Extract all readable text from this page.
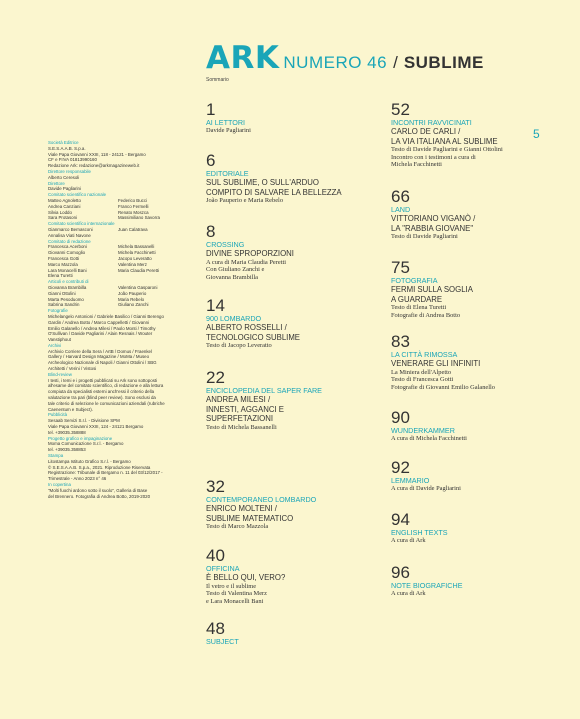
ARK NUMERO 46 / SUBLIME
Sommario
5
Società Editrice
S.E.S.A.A.B. S.p.a.
Viale Papa Giovanni XXIII, 118 - 24121 - Bergamo
CF e P.IVA 01813990160
Redazione Ark: redazione@arkmagazineweb.it
Direttore responsabile
Alberto Ceresoli
Direttore
Davide Pagliarini
Comitato scientifico nazionale
Matteo Agnoletto
Andrea Canziani
Silvia Loddo
Sara Protasoni
Federico Bucci
Franco Fermelli
Renato Moszca
Massimiliano Savorra
Comitato scientifico internazionale
Gianmarco Bernasconi
Annalisa Viati Navone
Juan Calatrava
Comitato di redazione
Francesca Acerboni
Giovanni Comoglio
Francesca Gotti
Marco Mazzola
Lara Monacelli Bani
Elena Turetti
Michela Bassanelli
Michela Facchinetti
Jacopo Leveratto
Valentina Merz
Maria Claudia Peretti
Articoli e contributi di
Giovanna Brambilla
Gianni Ottolini
Marta Pesoduomo
Sabrina Sandrin
Valentina Gasparoni
João Pauperio
Maria Rebelo
Giuliano Zanchi
Fotografie
Michelangelo Antonioni / Gabriele Basilico / Gianni Berengo
Gardin / Andrea Botto / Marco Cappelletti / Giovanni
Emilio Galanello / Andrea Milesi / Paolo Monti / Timothy
O'Sullivan / Davide Pagliarini / Alain Resnais / Wouter
Vanstiphout
Archivi
Archivio Corriere della Sera / ArtB / Domus / Fraenkel
Gallery / Harvard Design Magazine / MoMa / Museo
Archeologico Nazionale di Napoli / Gianni Ottolini / SBG
Architetti / Verini / Vistosi
Blind-review
I testi, i temi e i progetti pubblicati su Ark sono sottoposti
all'esame del comitato scientifico, di redazione e alla lettura
compiuta da specialisti esterni anch'essi il criterio della
valutazione tra pari (blind peer review). Sono esclusi da
tale criterio di selezione le comunicazioni aziendali (rubriche
Caenentum e Subject).
Pubblicità
Sesaab Servizi S.r.l. - Divisione SPM
Viale Papa Giovanni XXIII, 124 - 24121 Bergamo
tel. +39035.358888
Progetto grafico e impaginazione
Moma Comunicazione S.r.l. - Bergamo
tel. +39035.358853
Stampa
Litostampa Istituto Grafico S.r.l. - Bergamo
© S.E.S.A.A.B. S.p.a., 2021. Riproduzione Riservata
Registrazione: Tribunale di Bergamo n. 11 del 03/12/2017 -
Trimestrale - Anno 2023 n° 46
In copertina
"Molti fuochi ardono sotto il suolo", Galleria di Base
del Brennero. Fotografia di Andrea Botto, 2019-2020
1
AI LETTORI
Davide Pagliarini
6
EDITORIALE
SUL SUBLIME, O SULL'ARDUO
COMPITO DI SALVARE LA BELLEZZA
João Pauperio e Maria Rebelo
8
CROSSING
DIVINE SPROPORZIONI
A cura di Maria Claudia Peretti
Con Giuliano Zanchi e
Giovanna Brambilla
14
900 LOMBARDO
ALBERTO ROSSELLI /
TECNOLOGICO SUBLIME
Testo di Jacopo Leveratto
22
ENCICLOPEDIA DEL SAPER FARE
ANDREA MILESI /
INNESTI, AGGANCI E
SUPERFETAZIONI
Testo di Michela Bassanelli
32
CONTEMPORANEO LOMBARDO
ENRICO MOLTENI /
SUBLIME MATEMATICO
Testo di Marco Mazzola
40
OFFICINA
È BELLO QUI, VERO?
Il vetro e il sublime
Testo di Valentina Merz
e Lara Monacelli Bani
48
SUBJECT
52
INCONTRI RAVVICINATI
CARLO DE CARLI /
LA VIA ITALIANA AL SUBLIME
Testo di Davide Pagliarini e Gianni Ottolini
Incontro con i testimoni a cura di
Michela Facchinetti
66
LAND
VITTORIANO VIGANÒ /
LA "RABBIA GIOVANE"
Testo di Davide Pagliarini
75
FOTOGRAFIA
FERMI SULLA SOGLIA
A GUARDARE
Testo di Elena Turetti
Fotografie di Andrea Botto
83
LA CITTÀ RIMOSSA
VENERARE GLI INFINITI
La Miniera dell'Alpetto
Testo di Francesca Gotti
Fotografie di Giovanni Emilio Galanello
90
WUNDERKAMMER
A cura di Michela Facchinetti
92
LEMMARIO
A cura di Davide Pagliarini
94
ENGLISH TEXTS
A cura di Ark
96
NOTE BIOGRAFICHE
A cura di Ark
